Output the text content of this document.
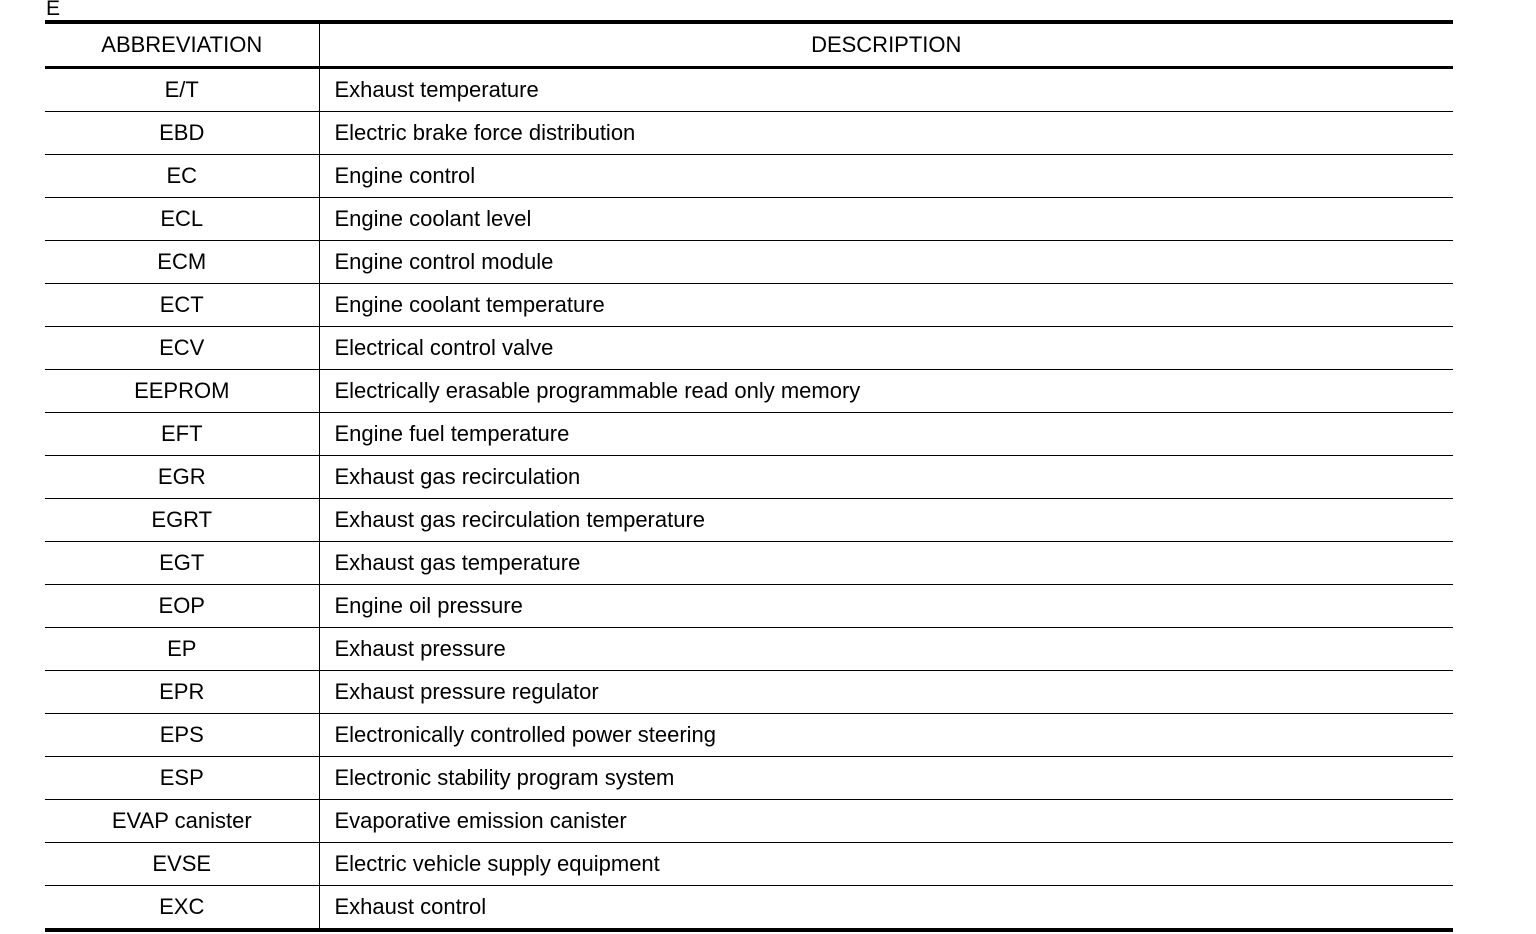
E
ABBREVIATION	DESCRIPTION
E/T	Exhaust temperature
EBD	Electric brake force distribution
EC	Engine control
ECL	Engine coolant level
ECM	Engine control module
ECT	Engine coolant temperature
ECV	Electrical control valve
EEPROM	Electrically erasable programmable read only memory
EFT	Engine fuel temperature
EGR	Exhaust gas recirculation
EGRT	Exhaust gas recirculation temperature
EGT	Exhaust gas temperature
EOP	Engine oil pressure
EP	Exhaust pressure
EPR	Exhaust pressure regulator
EPS	Electronically controlled power steering
ESP	Electronic stability program system
EVAP canister	Evaporative emission canister
EVSE	Electric vehicle supply equipment
EXC	Exhaust control
